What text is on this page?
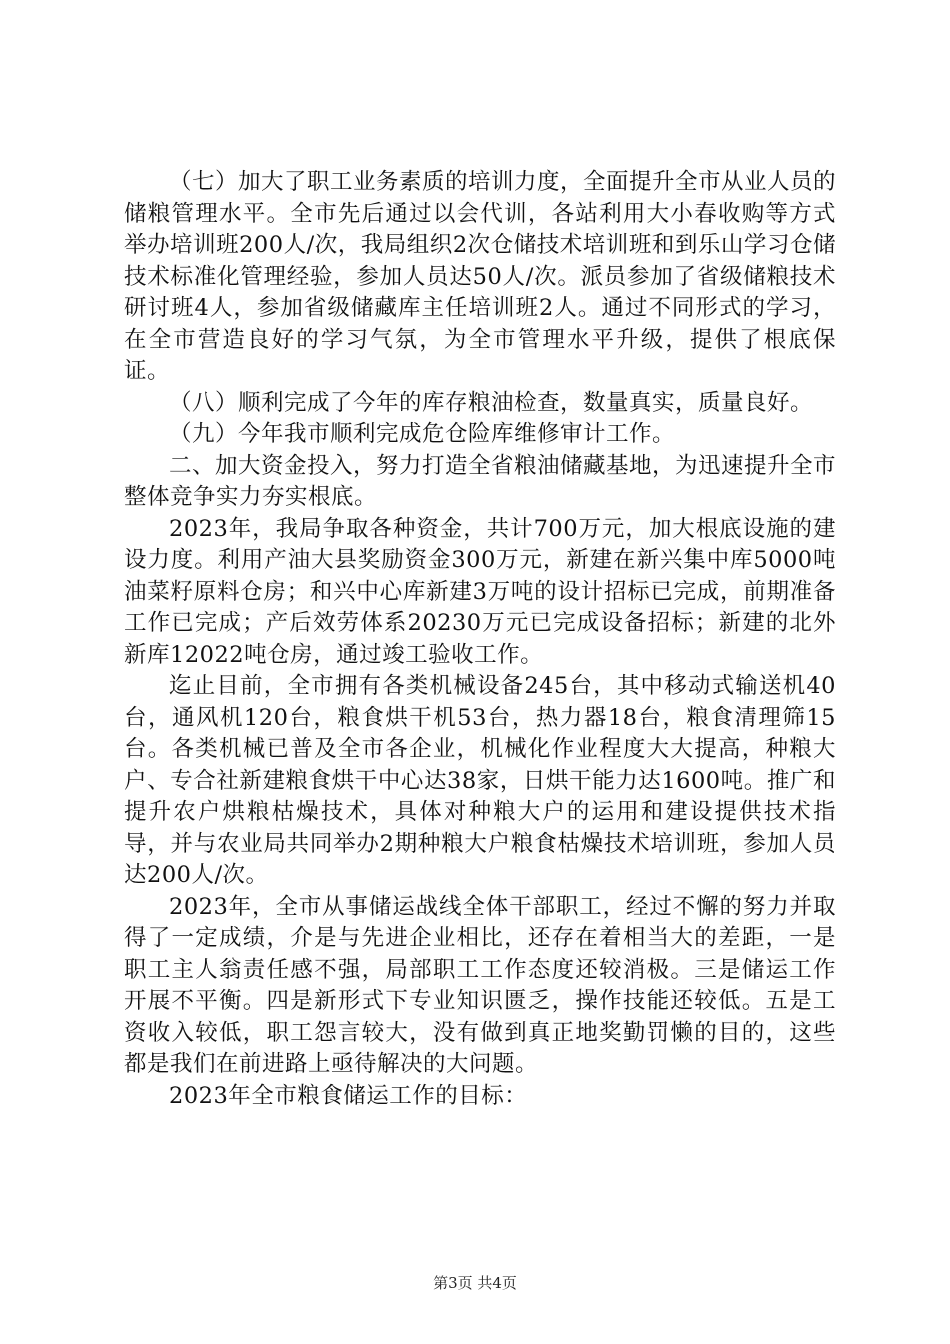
（七）加大了职工业务素质的培训力度，全面提升全市从业人员的储粮管理水平。全市先后通过以会代训，各站利用大小春收购等方式举办培训班200人/次，我局组织2次仓储技术培训班和到乐山学习仓储技术标准化管理经验，参加人员达50人/次。派员参加了省级储粮技术研讨班4人，参加省级储藏库主任培训班2人。通过不同形式的学习，在全市营造良好的学习气氛，为全市管理水平升级，提供了根底保证。

（八）顺利完成了今年的库存粮油检查，数量真实，质量良好。

（九）今年我市顺利完成危仓险库维修审计工作。

二、加大资金投入，努力打造全省粮油储藏基地，为迅速提升全市整体竞争实力夯实根底。

2023年，我局争取各种资金，共计700万元，加大根底设施的建设力度。利用产油大县奖励资金300万元，新建在新兴集中库5000吨油菜籽原料仓房；和兴中心库新建3万吨的设计招标已完成，前期准备工作已完成；产后效劳体系20230万元已完成设备招标；新建的北外新库12022吨仓房，通过竣工验收工作。

迄止目前，全市拥有各类机械设备245台，其中移动式输送机40台，通风机120台，粮食烘干机53台，热力器18台，粮食清理筛15台。各类机械已普及全市各企业，机械化作业程度大大提高，种粮大户、专合社新建粮食烘干中心达38家，日烘干能力达1600吨。推广和提升农户烘粮枯燥技术，具体对种粮大户的运用和建设提供技术指导，并与农业局共同举办2期种粮大户粮食枯燥技术培训班，参加人员达200人/次。

2023年，全市从事储运战线全体干部职工，经过不懈的努力并取得了一定成绩，介是与先进企业相比，还存在着相当大的差距，一是职工主人翁责任感不强，局部职工工作态度还较消极。三是储运工作开展不平衡。四是新形式下专业知识匮乏，操作技能还较低。五是工资收入较低，职工怨言较大，没有做到真正地奖勤罚懒的目的，这些都是我们在前进路上亟待解决的大问题。

2023年全市粮食储运工作的目标：

第3页 共4页
